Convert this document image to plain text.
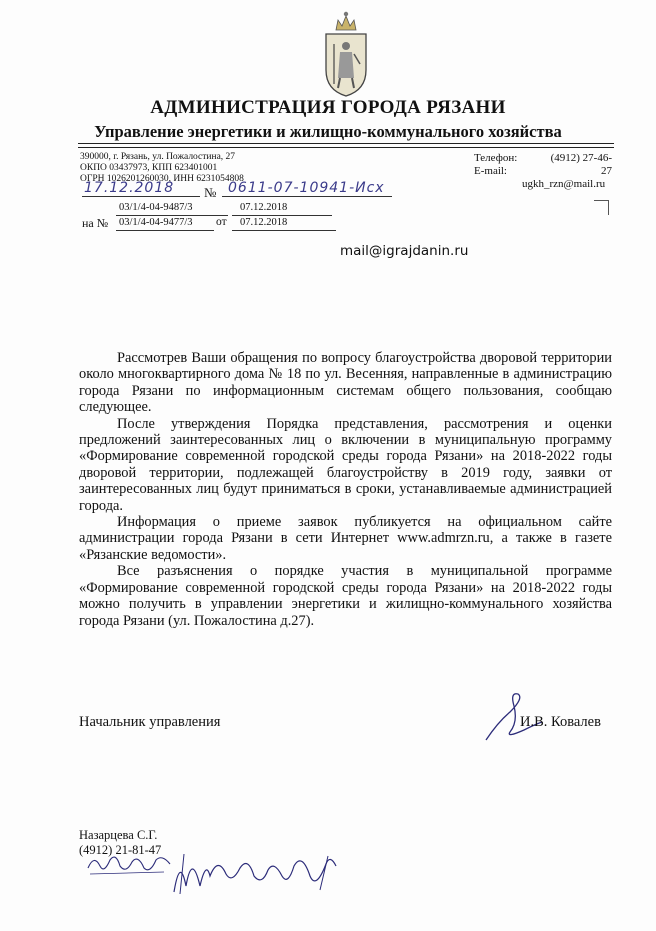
АДМИНИСТРАЦИЯ ГОРОДА РЯЗАНИ
Управление энергетики и жилищно-коммунального хозяйства
390000, г. Рязань, ул. Пожалостина, 27
ОКПО 03437973, КПП 623401001
ОГРН 1026201260030, ИНН 6231054808
Телефон:
E-mail:
(4912) 27-46-27
ugkh_rzn@mail.ru
17.12.2018 № 0611-07-10941-Исх
03/1/4-04-9487/3	07.12.2018
на № 03/1/4-04-9477/3 от 07.12.2018
mail@igrajdanin.ru

Рассмотрев Ваши обращения по вопросу благоустройства дворовой территории около многоквартирного дома № 18 по ул. Весенняя, направленные в администрацию города Рязани по информационным системам общего пользования, сообщаю следующее.

После утверждения Порядка представления, рассмотрения и оценки предложений заинтересованных лиц о включении в муниципальную программу «Формирование современной городской среды города Рязани» на 2018-2022 годы дворовой территории, подлежащей благоустройству в 2019 году, заявки от заинтересованных лиц будут приниматься в сроки, устанавливаемые администрацией города.

Информация о приеме заявок публикуется на официальном сайте администрации города Рязани в сети Интернет www.admrzn.ru, а также в газете «Рязанские ведомости».

Все разъяснения о порядке участия в муниципальной программе «Формирование современной городской среды города Рязани» на 2018-2022 годы можно получить в управлении энергетики и жилищно-коммунального хозяйства города Рязани (ул. Пожалостина д.27).

Начальник управления	И.В. Ковалев
Назарцева С.Г.
(4912) 21-81-47
